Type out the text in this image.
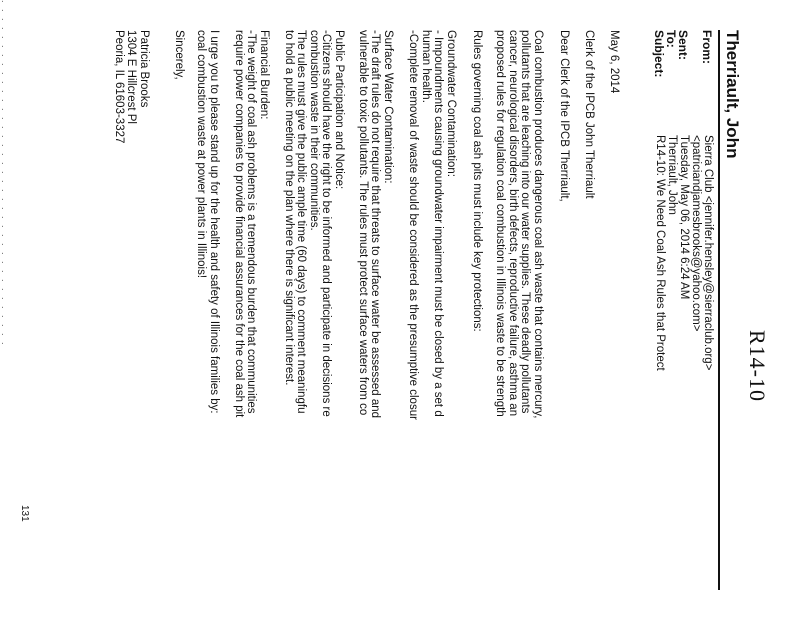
R14-10
Therriault, John
From:
Sierra Club <jennifer.hensley@sierraclub.org>
<patriciandjamesbrooks@yahoo.com>
Sent:
Tuesday, May 06, 2014 6:24 AM
To:
Therriault, John
Subject:
R14-10: We Need Coal Ash Rules that Protect
May 6, 2014
Clerk of the IPCB John Therriault
Dear Clerk of the IPCB Therriault,
Coal combustion produces dangerous coal ash waste that contains mercury,
pollutants that are leaching into our water supplies. These deadly pollutants
cancer, neurological disorders, birth defects, reproductive failure, asthma an
proposed rules for regulation coal combustion in Illinois waste to be strength
Rules governing coal ash pits must include key protections:
Groundwater Contamination:
- Impoundments causing groundwater impairment must be closed by a set d
human health.
-Complete removal of waste should be considered as the presumptive closur
Surface Water Contamination:
-The draft rules do not require that threats to surface water be assessed and
vulnerable to toxic pollutants. The rules must protect surface waters from co
Public Participation and Notice:
-Citizens should have the right to be informed and participate in decisions re
combustion waste in their communities.
The rules must give the public ample time (60 days) to comment meaningfu
to hold a public meeting on the plan where there is significant interest.
Financial Burden:
-The weight of coal ash problems is a tremendous burden that communities
require power companies to provide financial assurances for the coal ash pit

I urge you to please stand up for the health and safety of Illinois families by:
coal combustion waste at power plants in Illinois!
Sincerely,
Patricia Brooks
1304 E Hillcrest Pl
Peoria, IL 61603-3327
131
. . . . . . . . . . . . . . . . . . . . . . . . . . . . . . . . . . . . . . .
